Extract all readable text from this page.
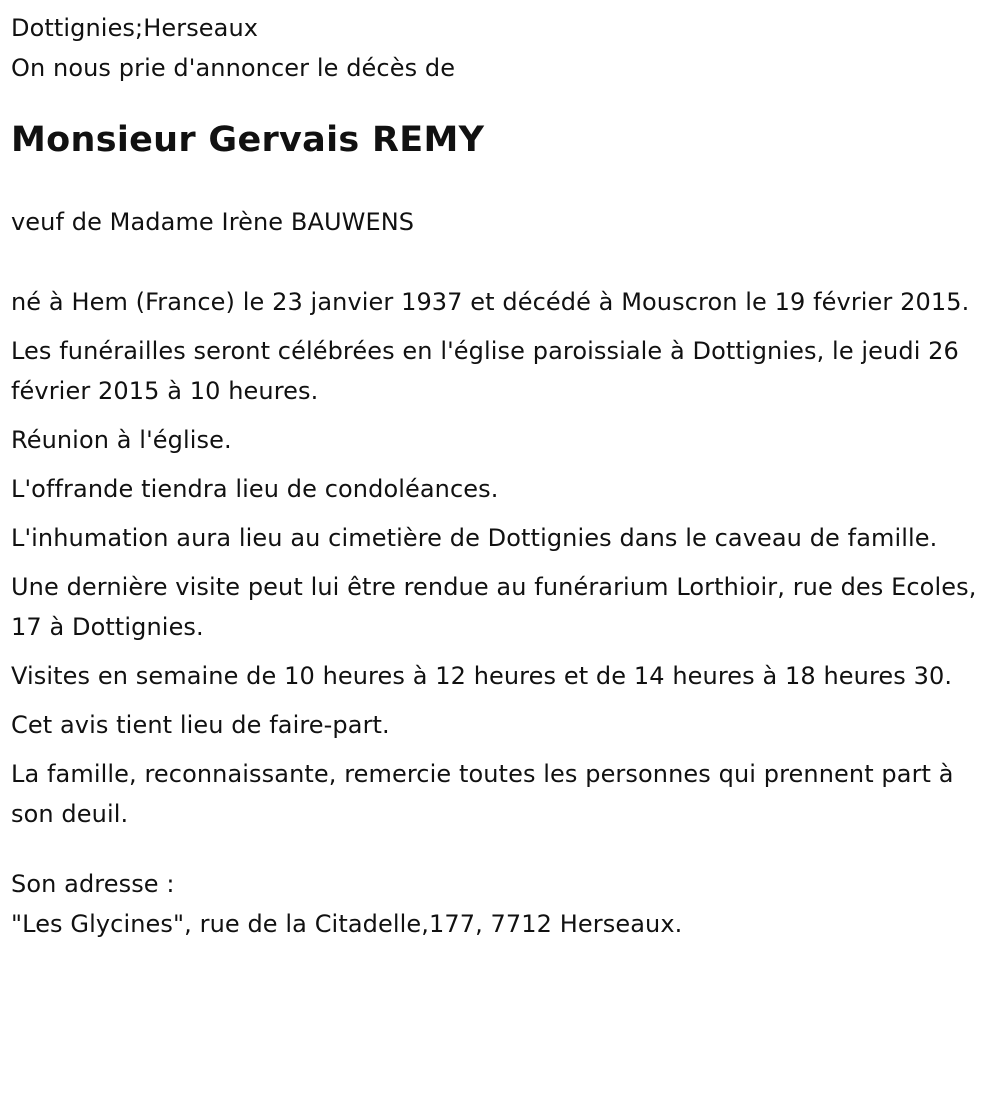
Dottignies;Herseaux

On nous prie d'annoncer le décès de

Monsieur Gervais REMY

veuf de Madame Irène BAUWENS

né à Hem (France) le 23 janvier 1937 et décédé à Mouscron le 19 février 2015.

Les funérailles seront célébrées en l'église paroissiale à Dottignies, le jeudi 26 février 2015 à 10 heures.

Réunion à l'église.

L'offrande tiendra lieu de condoléances.

L'inhumation aura lieu au cimetière de Dottignies dans le caveau de famille.

Une dernière visite peut lui être rendue au funérarium Lorthioir, rue des Ecoles, 17 à Dottignies.

Visites en semaine de 10 heures à 12 heures et de 14 heures à 18 heures 30.

Cet avis tient lieu de faire-part.

La famille, reconnaissante, remercie toutes les personnes qui prennent part à son deuil.

Son adresse :

"Les Glycines", rue de la Citadelle,177, 7712 Herseaux.
